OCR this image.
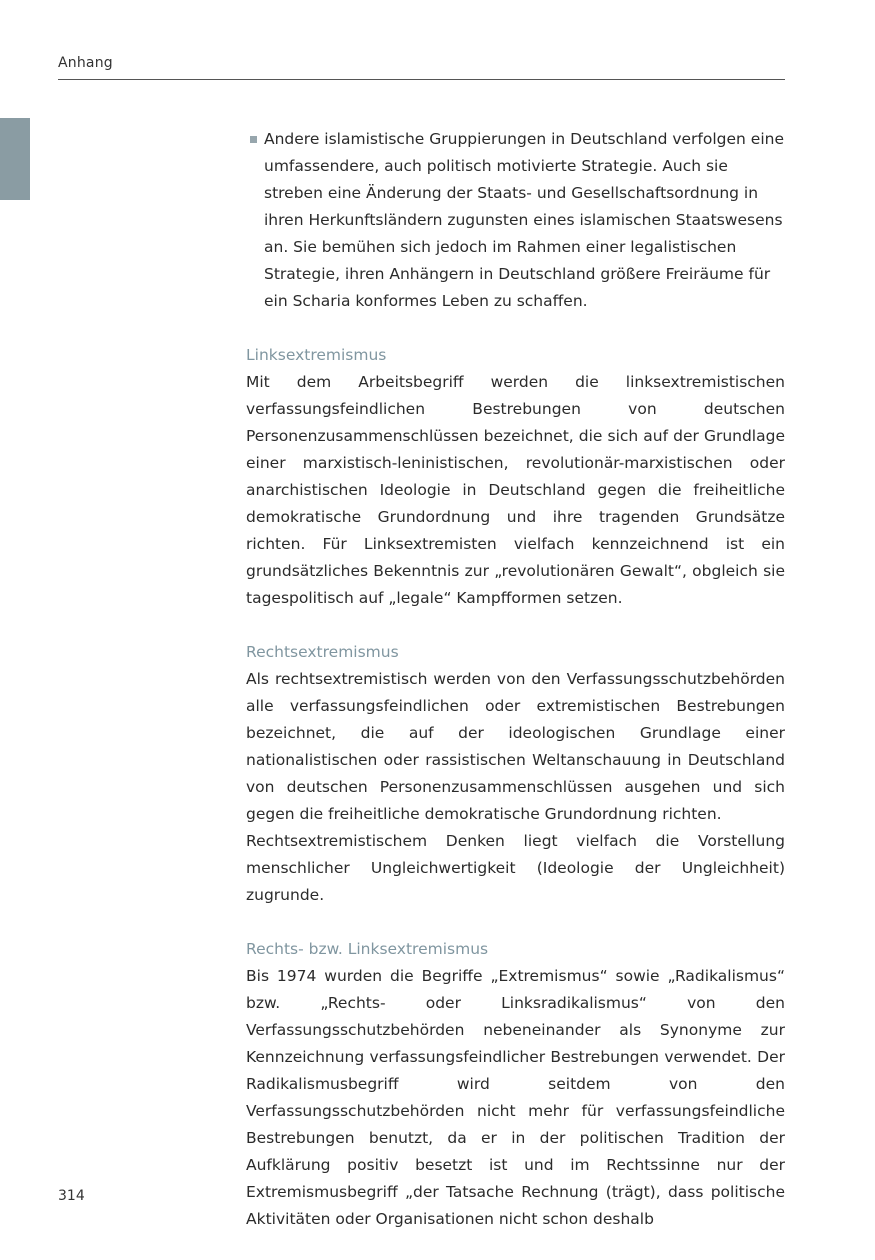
Anhang

Andere islamistische Gruppierungen in Deutschland verfolgen eine umfassendere, auch politisch motivierte Strategie. Auch sie streben eine Änderung der Staats- und Gesellschaftsordnung in ihren Herkunftsländern zugunsten eines islamischen Staatswesens an. Sie bemühen sich jedoch im Rahmen einer legalistischen Strategie, ihren Anhängern in Deutschland größere Freiräume für ein Scharia konformes Leben zu schaffen.

Linksextremismus

Mit dem Arbeitsbegriff werden die linksextremistischen verfassungsfeindlichen Bestrebungen von deutschen Personenzusammenschlüssen bezeichnet, die sich auf der Grundlage einer marxistisch-leninistischen, revolutionär-marxistischen oder anarchistischen Ideologie in Deutschland gegen die freiheitliche demokratische Grundordnung und ihre tragenden Grundsätze richten. Für Linksextremisten vielfach kennzeichnend ist ein grundsätzliches Bekenntnis zur „revolutionären Gewalt“, obgleich sie tagespolitisch auf „legale“ Kampfformen setzen.

Rechtsextremismus

Als rechtsextremistisch werden von den Verfassungsschutzbehörden alle verfassungsfeindlichen oder extremistischen Bestrebungen bezeichnet, die auf der ideologischen Grundlage einer nationalistischen oder rassistischen Weltanschauung in Deutschland von deutschen Personenzusammenschlüssen ausgehen und sich gegen die freiheitliche demokratische Grundordnung richten.

Rechtsextremistischem Denken liegt vielfach die Vorstellung menschlicher Ungleichwertigkeit (Ideologie der Ungleichheit) zugrunde.

Rechts- bzw. Linksextremismus

Bis 1974 wurden die Begriffe „Extremismus“ sowie „Radikalismus“ bzw. „Rechts- oder Linksradikalismus“ von den Verfassungsschutzbehörden nebeneinander als Synonyme zur Kennzeichnung verfassungsfeindlicher Bestrebungen verwendet. Der Radikalismusbegriff wird seitdem von den Verfassungsschutzbehörden nicht mehr für verfassungsfeindliche Bestrebungen benutzt, da er in der politischen Tradition der Aufklärung positiv besetzt ist und im Rechtssinne nur der Extremismusbegriff „der Tatsache Rechnung (trägt), dass politische Aktivitäten oder Organisationen nicht schon deshalb

314
